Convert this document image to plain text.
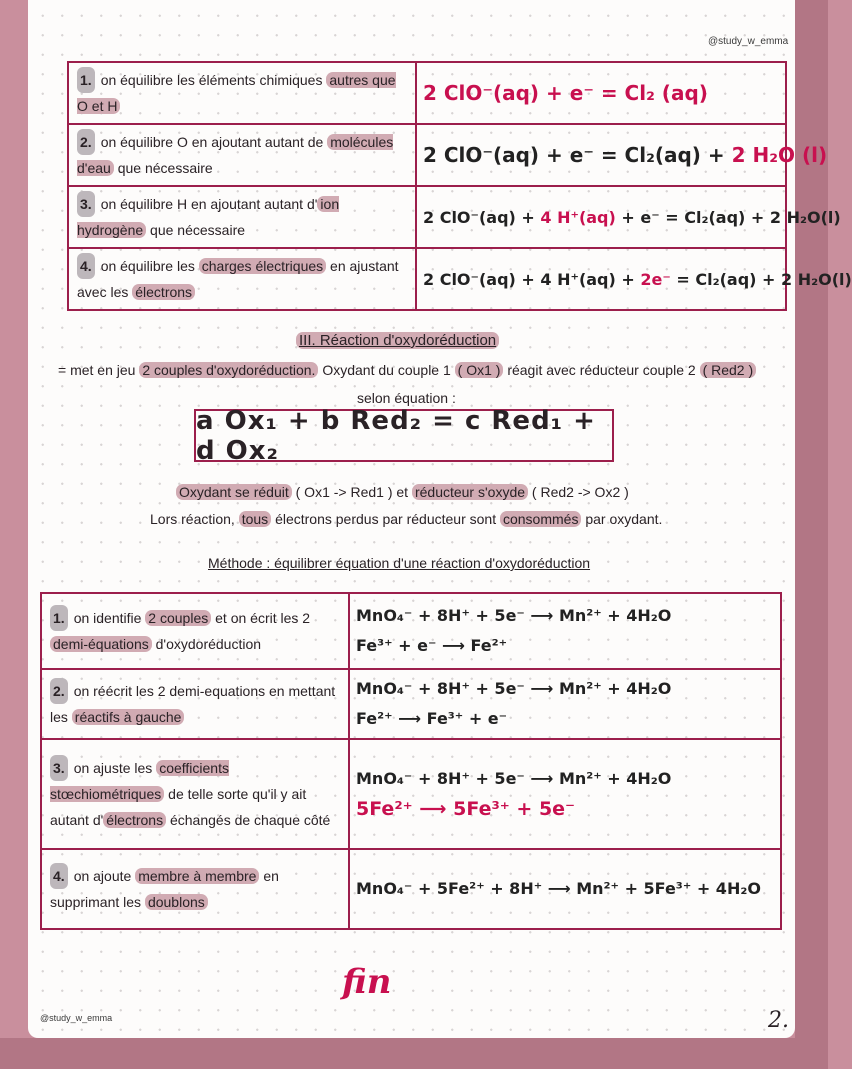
@study_w_emma
1. on équilibre les éléments chimiques autres que O et H	2 ClO⁻(aq) + e⁻ = Cl₂ (aq)
2. on équilibre O en ajoutant autant de molécules d'eau que nécessaire	2 ClO⁻(aq) + e⁻ = Cl₂(aq) + 2 H₂O (l)
3. on équilibre H en ajoutant autant d' ion hydrogène que nécessaire	2 ClO⁻(aq) + 4 H⁺(aq) + e⁻ = Cl₂(aq) + 2 H₂O(l)
4. on équilibre les charges électriques en ajustant avec les électrons	2 ClO⁻(aq) + 4 H⁺(aq) + 2e⁻ = Cl₂(aq) + 2 H₂O(l)
III. Réaction d'oxydoréduction
= met en jeu 2 couples d'oxydoréduction. Oxydant du couple 1 ( Ox1 ) réagit avec réducteur couple 2 ( Red2 )
selon équation :
a Ox₁ + b Red₂ = c Red₁ + d Ox₂
Oxydant se réduit ( Ox1 -> Red1 ) et réducteur s'oxyde ( Red2 -> Ox2 )
Lors réaction, tous électrons perdus par réducteur sont consommés par oxydant.
Méthode : équilibrer équation d'une réaction d'oxydoréduction
1. on identifie 2 couples et on écrit les 2 demi-équations d'oxydoréduction	MnO₄⁻ + 8H⁺ + 5e⁻ ⟶ Mn²⁺ + 4H₂O
Fe³⁺ + e⁻ ⟶ Fe²⁺

2. on réécrit les 2 demi-equations en mettant les réactifs à gauche	MnO₄⁻ + 8H⁺ + 5e⁻ ⟶ Mn²⁺ + 4H₂O
Fe²⁺ ⟶ Fe³⁺ + e⁻

3. on ajuste les coefficients stœchiométriques de telle sorte qu'il y ait autant d' électrons échangés de chaque côté	MnO₄⁻ + 8H⁺ + 5e⁻ ⟶ Mn²⁺ + 4H₂O
5Fe²⁺ ⟶ 5Fe³⁺ + 5e⁻

4. on ajoute membre à membre en supprimant les doublons	MnO₄⁻ + 5Fe²⁺ + 8H⁺ ⟶ Mn²⁺ + 5Fe³⁺ + 4H₂O
fin
@study_w_emma	2.
